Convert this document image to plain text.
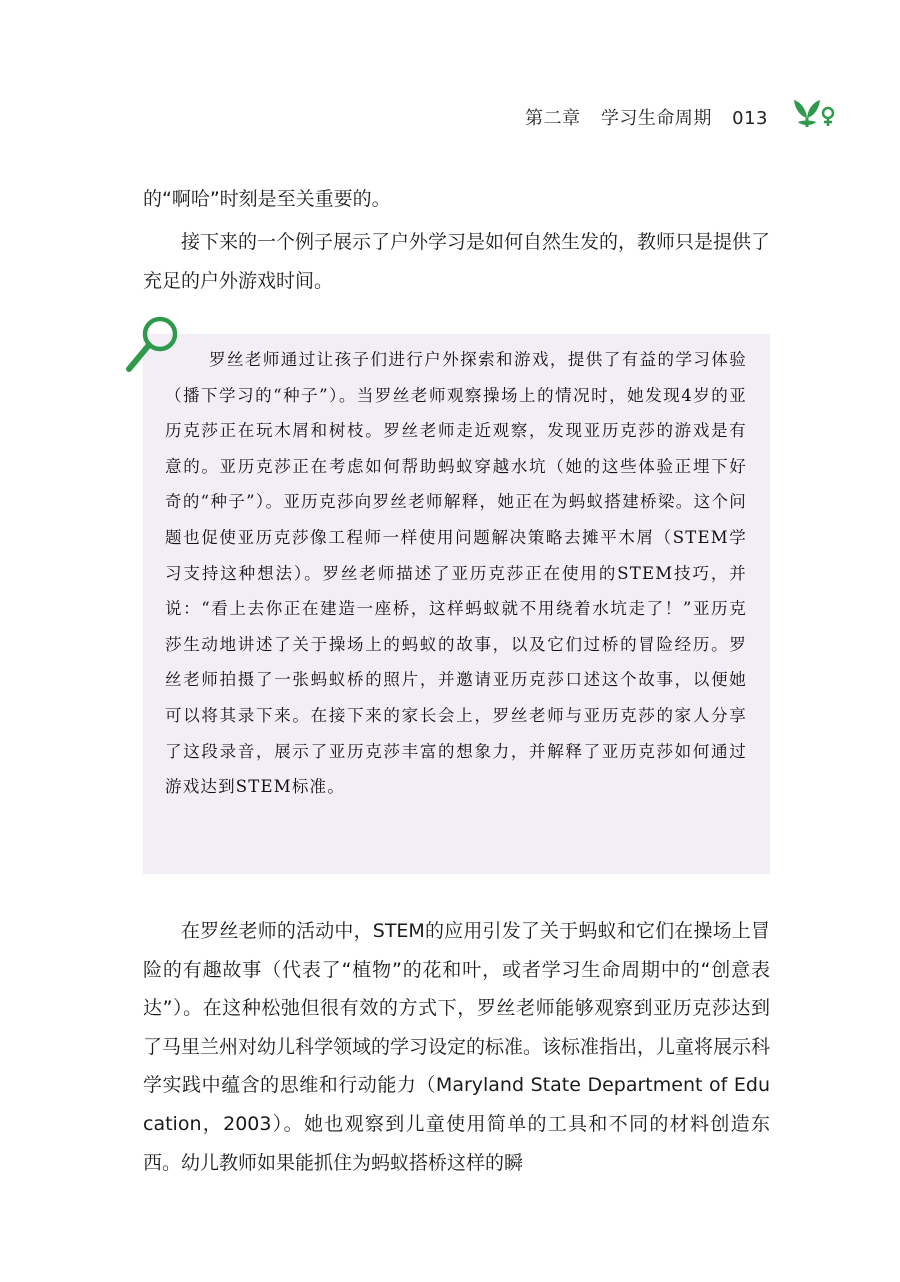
第二章 学习生命周期 013

的“啊哈”时刻是至关重要的。

接下来的一个例子展示了户外学习是如何自然生发的，教师只是提供了充足的户外游戏时间。

罗丝老师通过让孩子们进行户外探索和游戏，提供了有益的学习体验（播下学习的“种子”）。当罗丝老师观察操场上的情况时，她发现4岁的亚历克莎正在玩木屑和树枝。罗丝老师走近观察，发现亚历克莎的游戏是有意的。亚历克莎正在考虑如何帮助蚂蚁穿越水坑（她的这些体验正埋下好奇的“种子”）。亚历克莎向罗丝老师解释，她正在为蚂蚁搭建桥梁。这个问题也促使亚历克莎像工程师一样使用问题解决策略去摊平木屑（STEM学习支持这种想法）。罗丝老师描述了亚历克莎正在使用的STEM技巧，并说：“看上去你正在建造一座桥，这样蚂蚁就不用绕着水坑走了！”亚历克莎生动地讲述了关于操场上的蚂蚁的故事，以及它们过桥的冒险经历。罗丝老师拍摄了一张蚂蚁桥的照片，并邀请亚历克莎口述这个故事，以便她可以将其录下来。在接下来的家长会上，罗丝老师与亚历克莎的家人分享了这段录音，展示了亚历克莎丰富的想象力，并解释了亚历克莎如何通过游戏达到STEM标准。

在罗丝老师的活动中，STEM的应用引发了关于蚂蚁和它们在操场上冒险的有趣故事（代表了“植物”的花和叶，或者学习生命周期中的“创意表达”）。在这种松弛但很有效的方式下，罗丝老师能够观察到亚历克莎达到了马里兰州对幼儿科学领域的学习设定的标准。该标准指出，儿童将展示科学实践中蕴含的思维和行动能力（Maryland State Department of Education，2003）。她也观察到儿童使用简单的工具和不同的材料创造东西。幼儿教师如果能抓住为蚂蚁搭桥这样的瞬
